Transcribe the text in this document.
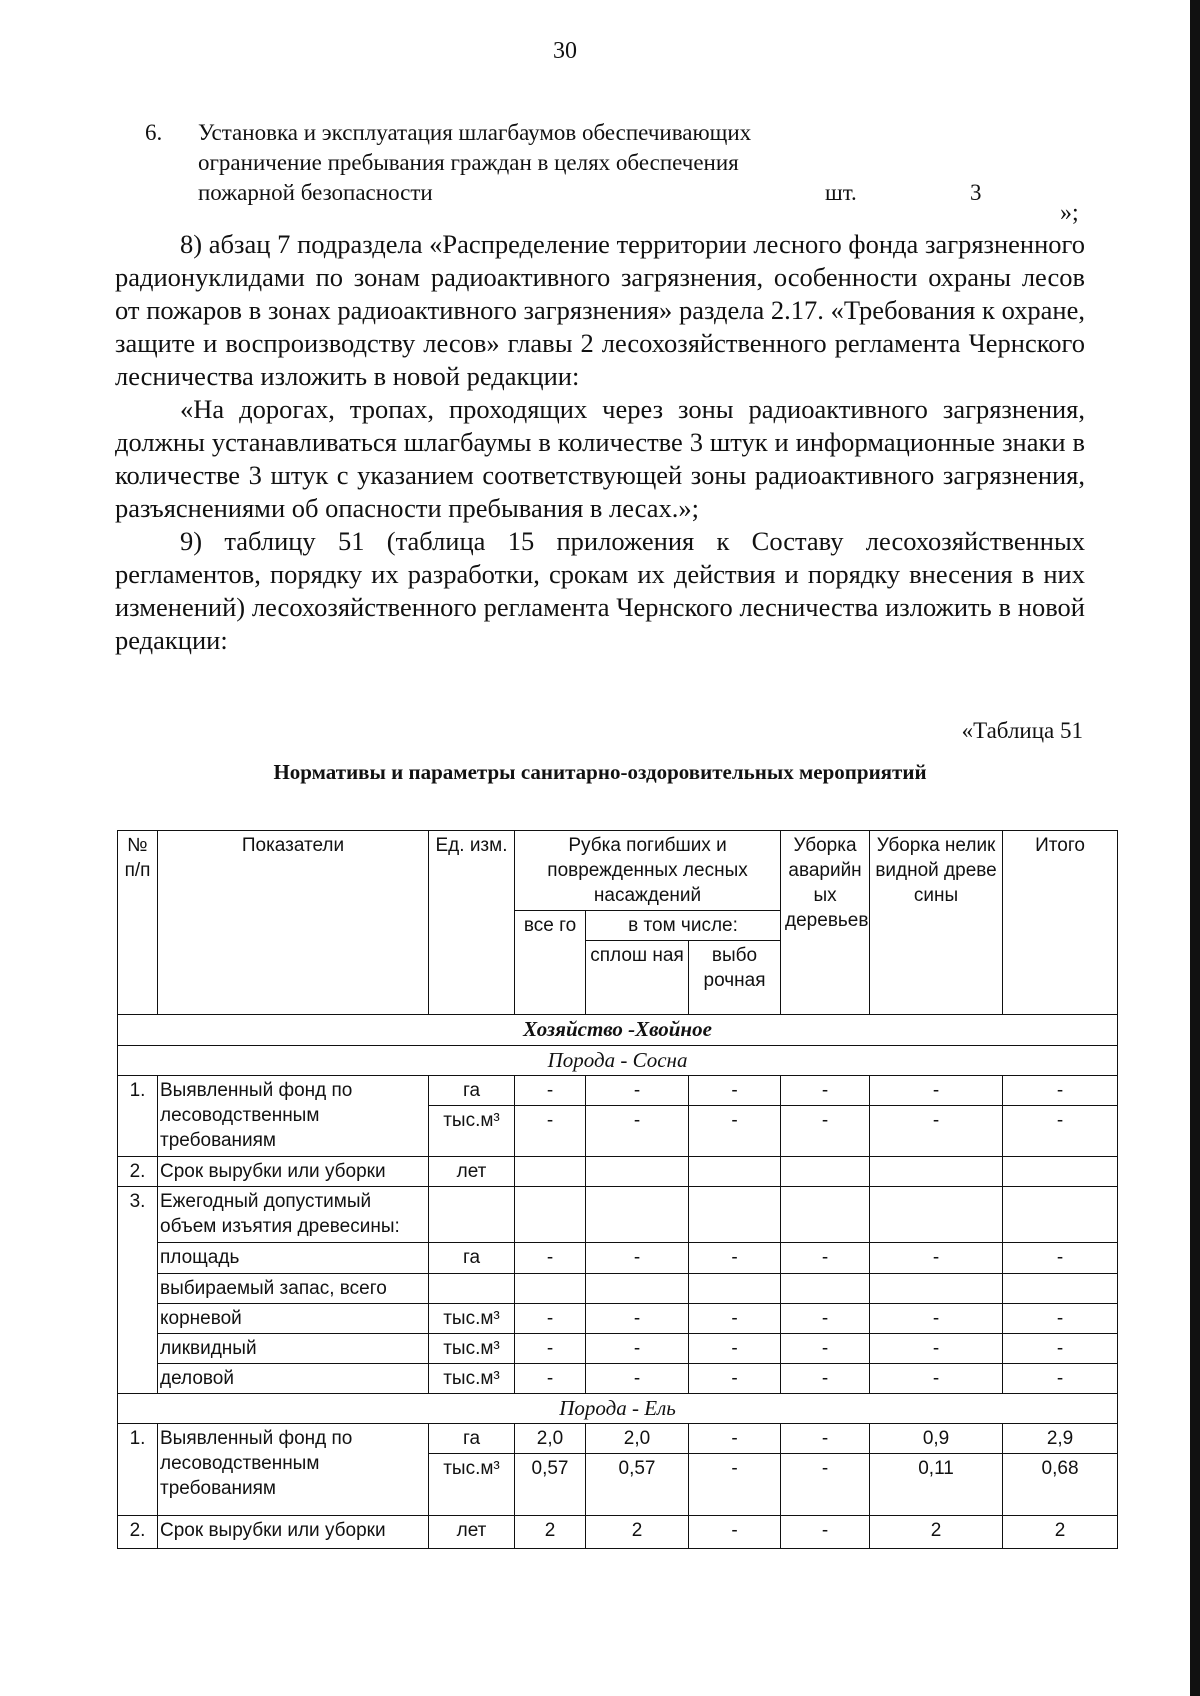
30
6. Установка и эксплуатация шлагбаумов обеспечивающих ограничение пребывания граждан в целях обеспечения пожарной безопасности	шт.	3
»;

8) абзац 7 подраздела «Распределение территории лесного фонда загрязненного радионуклидами по зонам радиоактивного загрязнения, особенности охраны лесов от пожаров в зонах радиоактивного загрязнения» раздела 2.17. «Требования к охране, защите и воспроизводству лесов» главы 2 лесохозяйственного регламента Чернского лесничества изложить в новой редакции:

«На дорогах, тропах, проходящих через зоны радиоактивного загрязнения, должны устанавливаться шлагбаумы в количестве 3 штук и информационные знаки в количестве 3 штук с указанием соответствующей зоны радиоактивного загрязнения, разъяснениями об опасности пребывания в лесах.»;

9) таблицу 51 (таблица 15 приложения к Составу лесохозяйственных регламентов, порядку их разработки, срокам их действия и порядку внесения в них изменений) лесохозяйственного регламента Чернского лесничества изложить в новой редакции:

«Таблица 51
Нормативы и параметры санитарно-оздоровительных мероприятий
№ п/п	Показатели	Ед. изм.	Рубка погибших и поврежденных лесных насаждений			Уборка аварийн ых деревьев	Уборка нелик видной древе сины	Итого
			все го	в том числе:				
				сплош ная	выбо рочная			
Хозяйство -Хвойное								
Порода - Сосна								
1.	Выявленный фонд по лесоводственным требованиям	га	-	-	-	-	-	-
		тыс.м³	-	-	-	-	-	-
2.	Срок вырубки или уборки	лет						
3.	Ежегодный допустимый объем изъятия древесины:							
	площадь	га	-	-	-	-	-	-
	выбираемый запас, всего							
	корневой	тыс.м³	-	-	-	-	-	-
	ликвидный	тыс.м³	-	-	-	-	-	-
	деловой	тыс.м³	-	-	-	-	-	-
Порода - Ель								
1.	Выявленный фонд по лесоводственным требованиям	га	2,0	2,0	-	-	0,9	2,9
		тыс.м³	0,57	0,57	-	-	0,11	0,68
2.	Срок вырубки или уборки	лет	2	2	-	-	2	2
